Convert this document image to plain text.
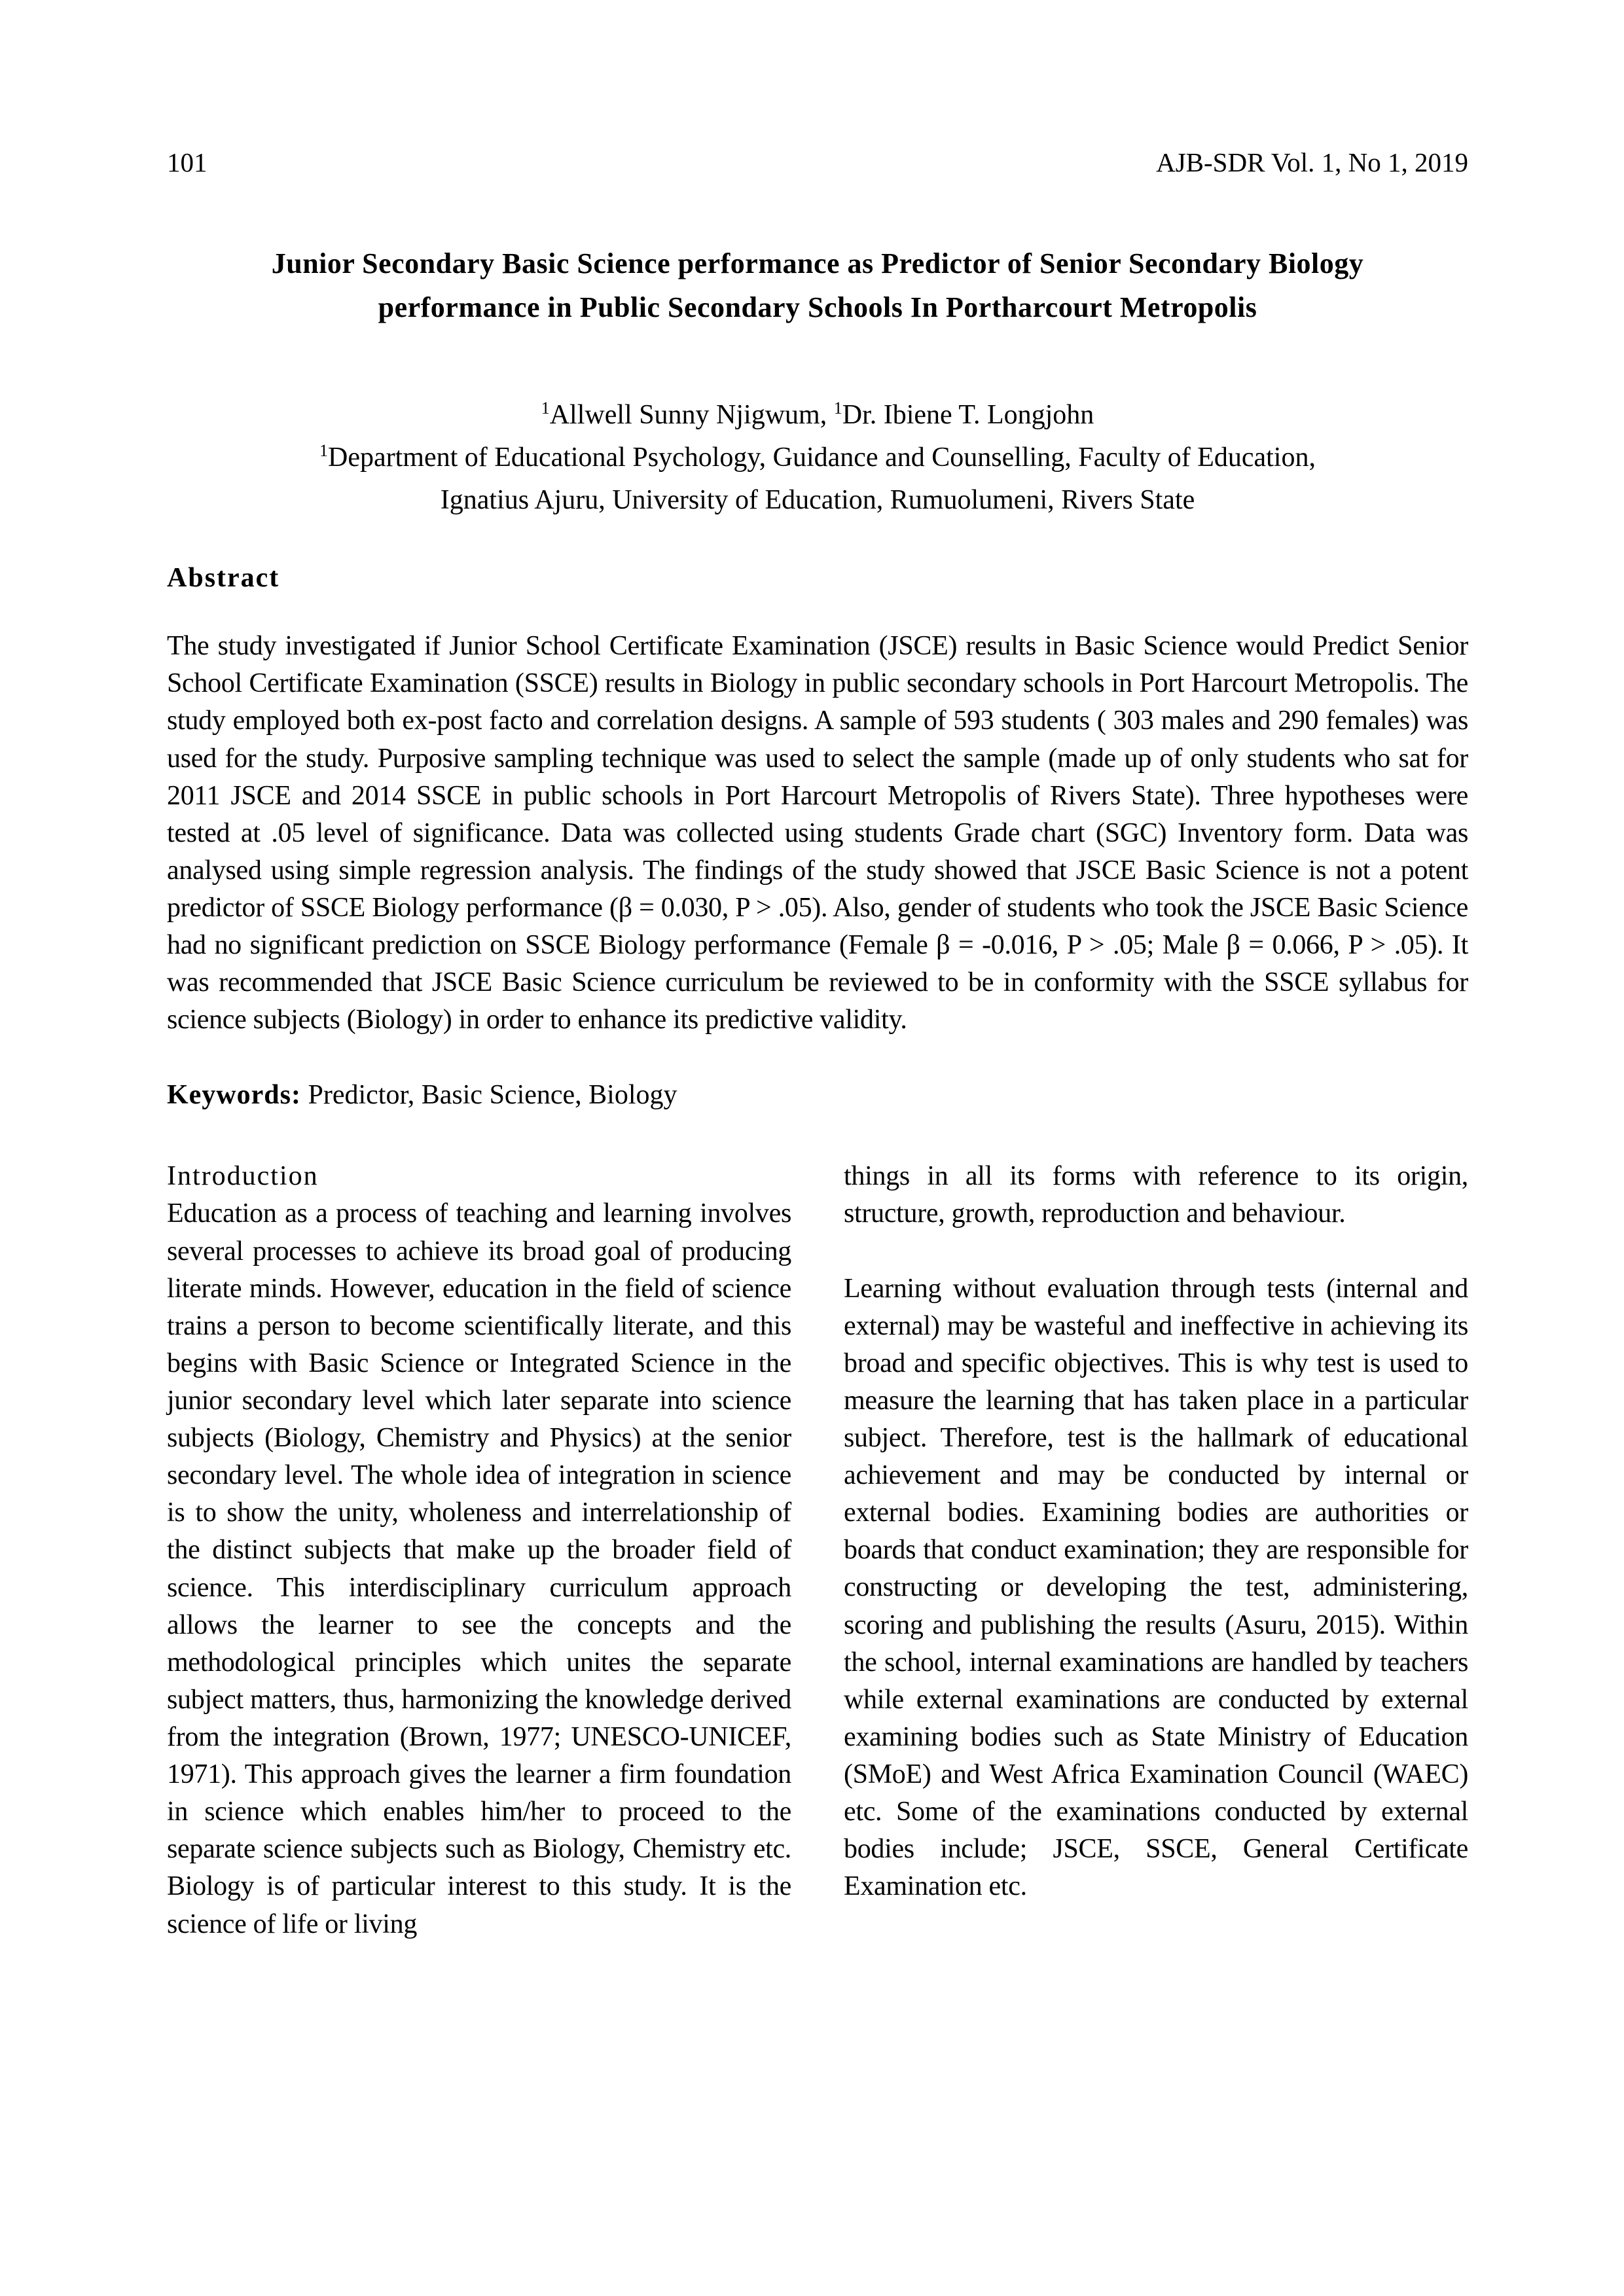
101	AJB-SDR Vol. 1, No 1, 2019
Junior Secondary Basic Science performance as Predictor of Senior Secondary Biology
performance in Public Secondary Schools In Portharcourt Metropolis
$^1$Allwell Sunny Njigwum, $^1$Dr. Ibiene T. Longjohn
$^1$Department of Educational Psychology, Guidance and Counselling, Faculty of Education,
Ignatius Ajuru, University of Education, Rumuolumeni, Rivers State
Abstract

The study investigated if Junior School Certificate Examination (JSCE) results in Basic Science would Predict Senior School Certificate Examination (SSCE) results in Biology in public secondary schools in Port Harcourt Metropolis. The study employed both ex-post facto and correlation designs. A sample of 593 students ( 303 males and 290 females) was used for the study. Purposive sampling technique was used to select the sample (made up of only students who sat for 2011 JSCE and 2014 SSCE in public schools in Port Harcourt Metropolis of Rivers State). Three hypotheses were tested at .05 level of significance. Data was collected using students Grade chart (SGC) Inventory form. Data was analysed using simple regression analysis. The findings of the study showed that JSCE Basic Science is not a potent predictor of SSCE Biology performance (β = 0.030, P > .05). Also, gender of students who took the JSCE Basic Science had no significant prediction on SSCE Biology performance (Female β = -0.016, P > .05; Male β = 0.066, P > .05). It was recommended that JSCE Basic Science curriculum be reviewed to be in conformity with the SSCE syllabus for science subjects (Biology) in order to enhance its predictive validity.

Keywords: Predictor, Basic Science, Biology
Introduction

Education as a process of teaching and learning involves several processes to achieve its broad goal of producing literate minds. However, education in the field of science trains a person to become scientifically literate, and this begins with Basic Science or Integrated Science in the junior secondary level which later separate into science subjects (Biology, Chemistry and Physics) at the senior secondary level. The whole idea of integration in science is to show the unity, wholeness and interrelationship of the distinct subjects that make up the broader field of science. This interdisciplinary curriculum approach allows the learner to see the concepts and the methodological principles which unites the separate subject matters, thus, harmonizing the knowledge derived from the integration (Brown, 1977; UNESCO-UNICEF, 1971). This approach gives the learner a firm foundation in science which enables him/her to proceed to the separate science subjects such as Biology, Chemistry etc. Biology is of particular interest to this study. It is the science of life or living

things in all its forms with reference to its origin, structure, growth, reproduction and behaviour.

Learning without evaluation through tests (internal and external) may be wasteful and ineffective in achieving its broad and specific objectives. This is why test is used to measure the learning that has taken place in a particular subject. Therefore, test is the hallmark of educational achievement and may be conducted by internal or external bodies. Examining bodies are authorities or boards that conduct examination; they are responsible for constructing or developing the test, administering, scoring and publishing the results (Asuru, 2015). Within the school, internal examinations are handled by teachers while external examinations are conducted by external examining bodies such as State Ministry of Education (SMoE) and West Africa Examination Council (WAEC) etc. Some of the examinations conducted by external bodies include; JSCE, SSCE, General Certificate Examination etc.
